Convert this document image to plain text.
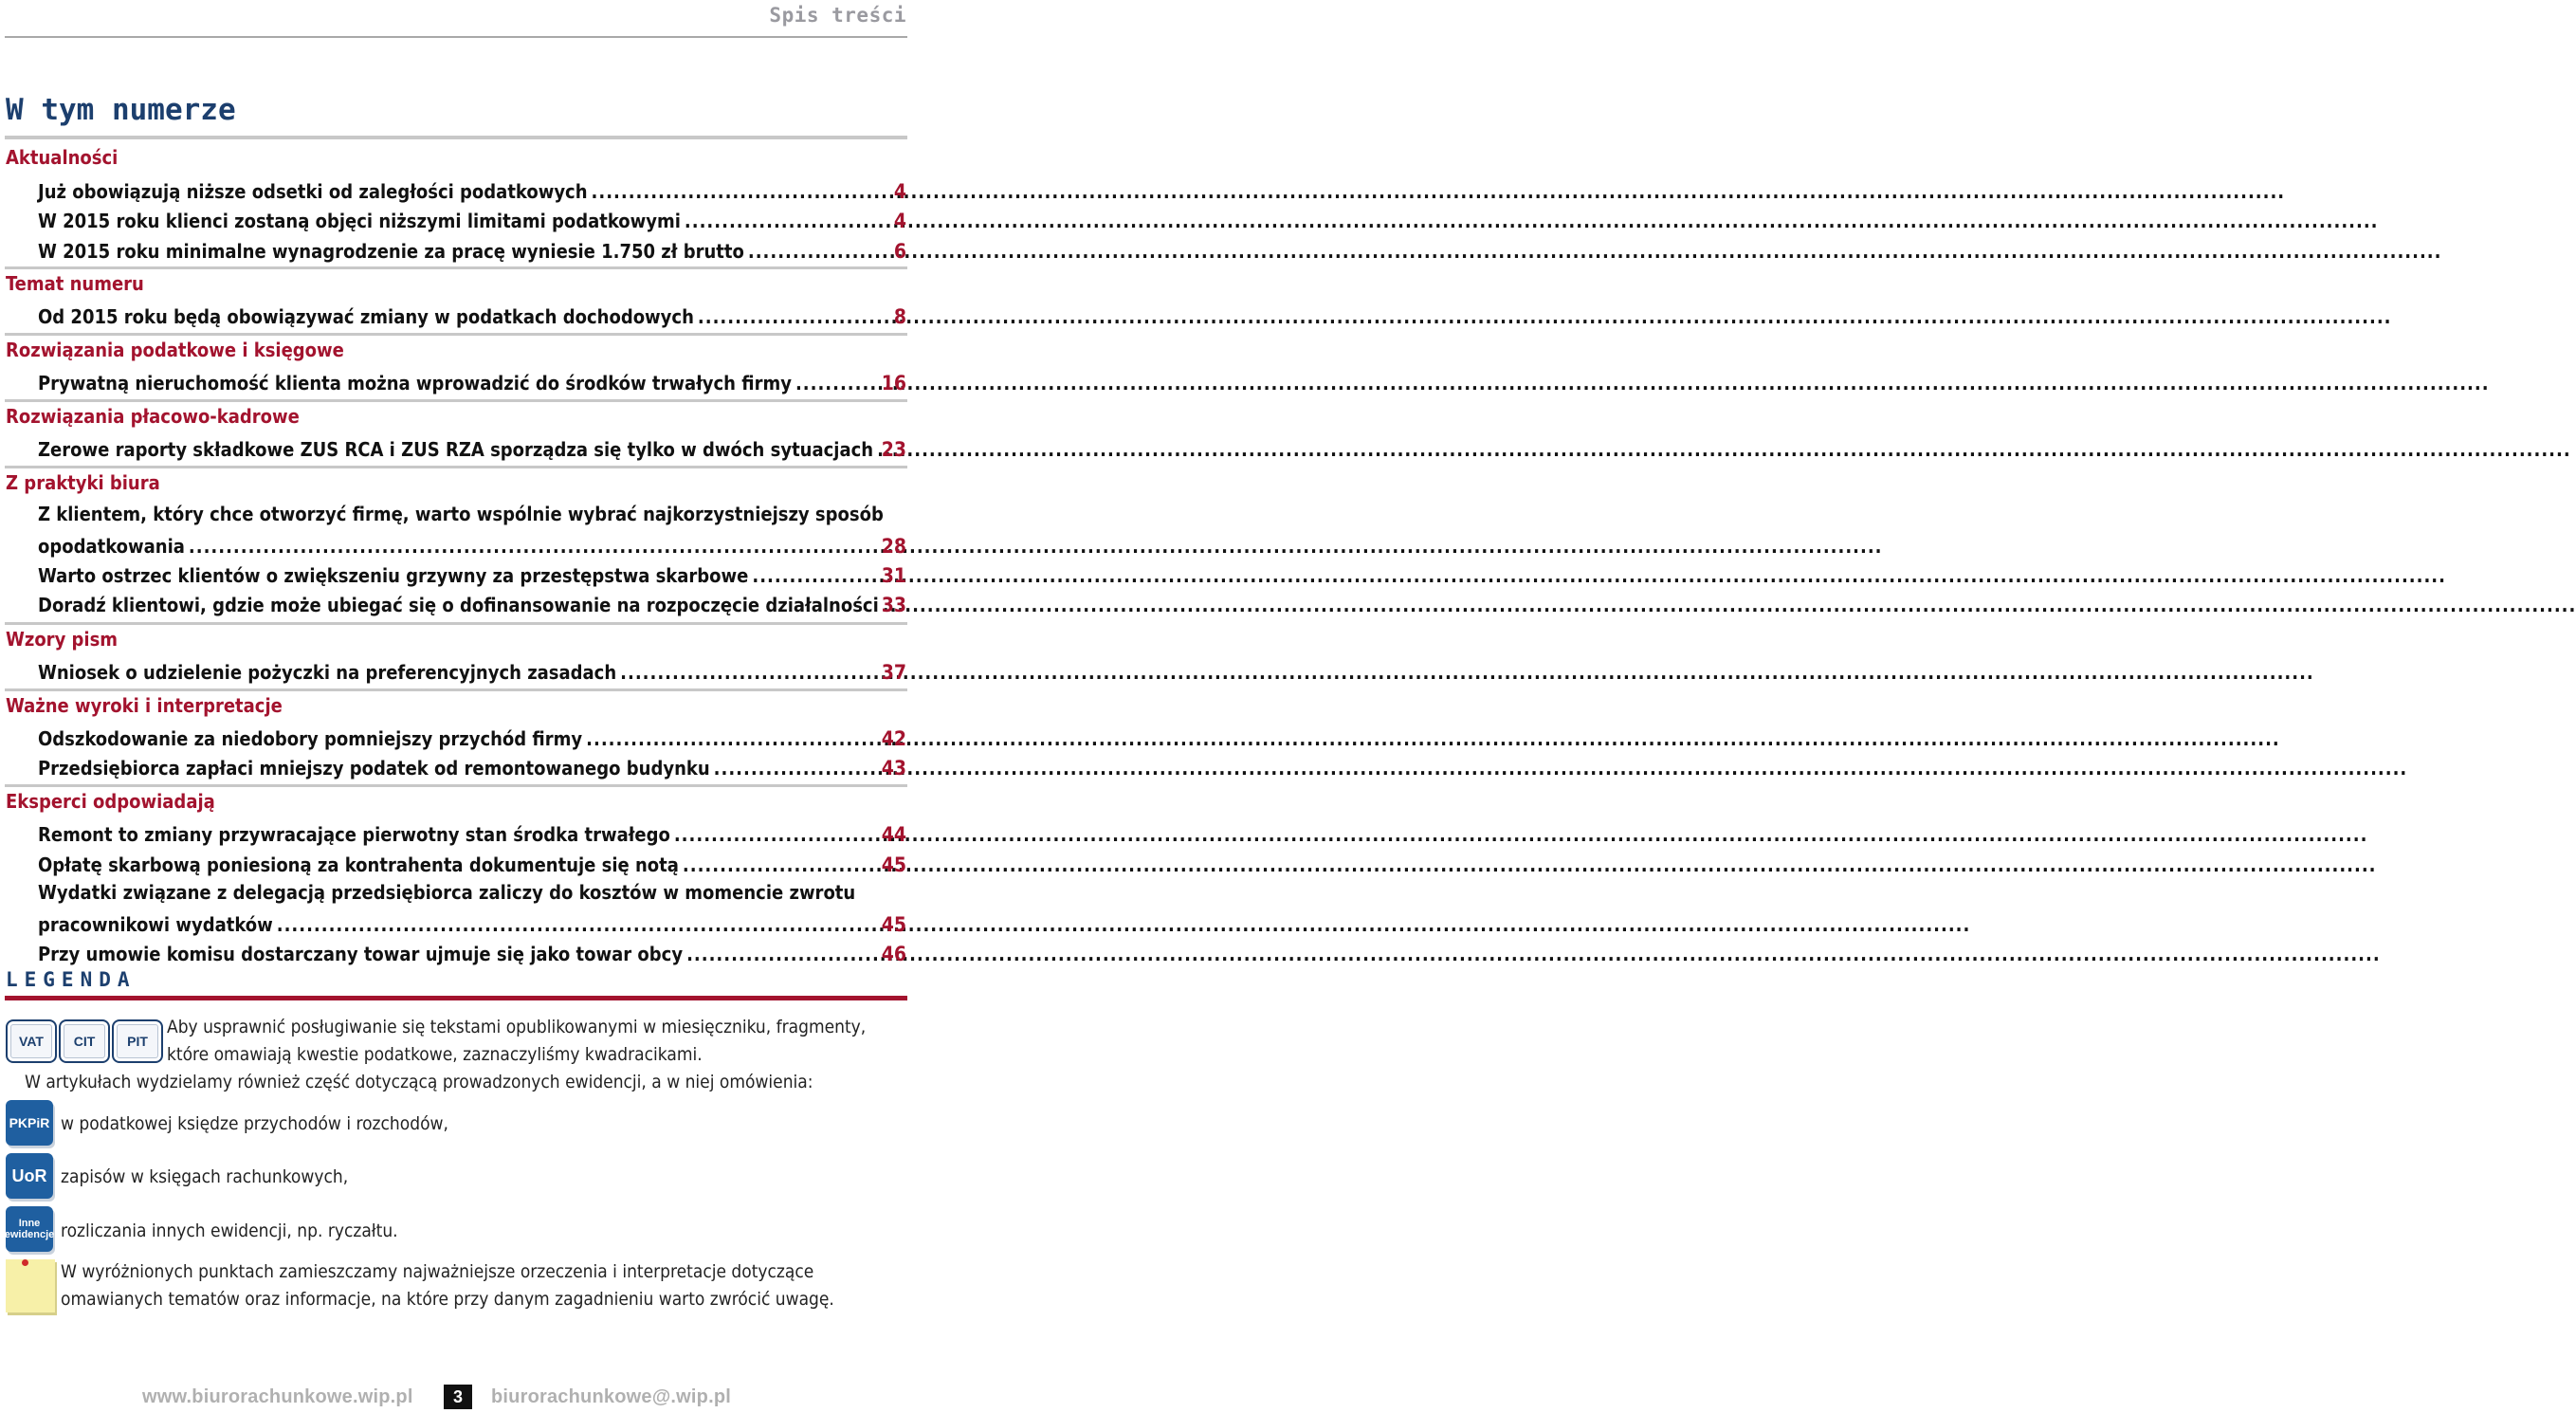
Spis treści
W tym numerze
Aktualności
Już obowiązują niższe odsetki od zaległości podatkowych .....	4
W 2015 roku klienci zostaną objęci niższymi limitami podatkowymi .....	4
W 2015 roku minimalne wynagrodzenie za pracę wyniesie 1.750 zł brutto .....	6
Temat numeru
Od 2015 roku będą obowiązywać zmiany w podatkach dochodowych .....	8
Rozwiązania podatkowe i księgowe
Prywatną nieruchomość klienta można wprowadzić do środków trwałych firmy .....	16
Rozwiązania płacowo-kadrowe
Zerowe raporty składkowe ZUS RCA i ZUS RZA sporządza się tylko w dwóch sytuacjach ..... 23
Z praktyki biura
Z klientem, który chce otworzyć firmę, warto wspólnie wybrać najkorzystniejszy sposób
opodatkowania .....	28
Warto ostrzec klientów o zwiększeniu grzywny za przestępstwa skarbowe .....	31
Doradź klientowi, gdzie może ubiegać się o dofinansowanie na rozpoczęcie działalności ..... 33
Wzory pism
Wniosek o udzielenie pożyczki na preferencyjnych zasadach .....	37
Ważne wyroki i interpretacje
Odszkodowanie za niedobory pomniejszy przychód firmy .....	42
Przedsiębiorca zapłaci mniejszy podatek od remontowanego budynku .....	43
Eksperci odpowiadają
Remont to zmiany przywracające pierwotny stan środka trwałego .....	44
Opłatę skarbową poniesioną za kontrahenta dokumentuje się notą .....	45
Wydatki związane z delegacją przedsiębiorca zaliczy do kosztów w momencie zwrotu
pracownikowi wydatków .....	45
Przy umowie komisu dostarczany towar ujmuje się jako towar obcy .....	46
LEGENDA
VAT	CIT	PIT
Aby usprawnić posługiwanie się tekstami opublikowanymi w miesięczniku, fragmenty,
które omawiają kwestie podatkowe, zaznaczyliśmy kwadracikami.
W artykułach wydzielamy również część dotyczącą prowadzonych ewidencji, a w niej omówienia:
PKPiR w podatkowej księdze przychodów i rozchodów,
UoR zapisów w księgach rachunkowych,
Inne ewidencje rozliczania innych ewidencji, np. ryczałtu.
W wyróżnionych punktach zamieszczamy najważniejsze orzeczenia i interpretacje dotyczące
omawianych tematów oraz informacje, na które przy danym zagadnieniu warto zwrócić uwagę.
www.biurorachunkowe.wip.pl	3	biurorachunkowe@.wip.pl
